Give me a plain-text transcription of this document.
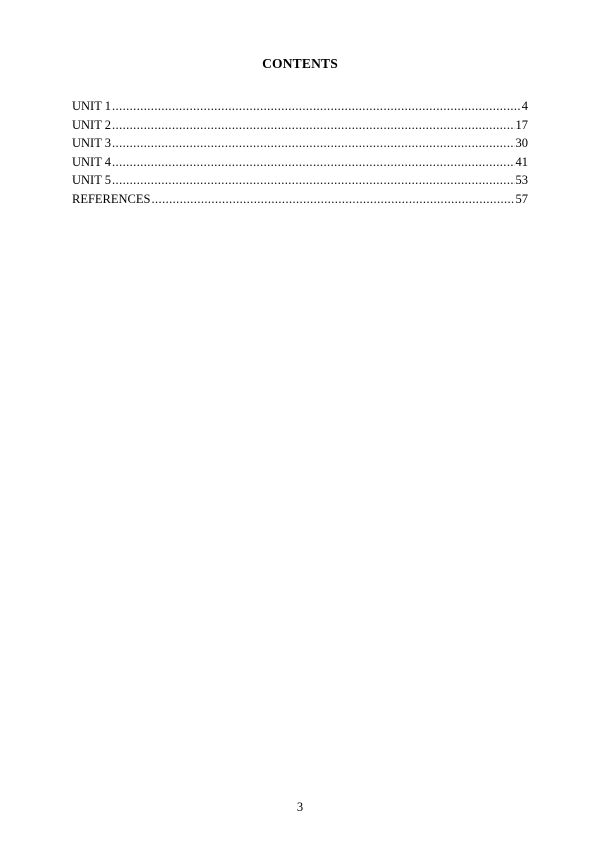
CONTENTS
UNIT 1 .....	4
UNIT 2 .....	17
UNIT 3 .....	30
UNIT 4 .....	41
UNIT 5 .....	53
REFERENCES .....	57
3
